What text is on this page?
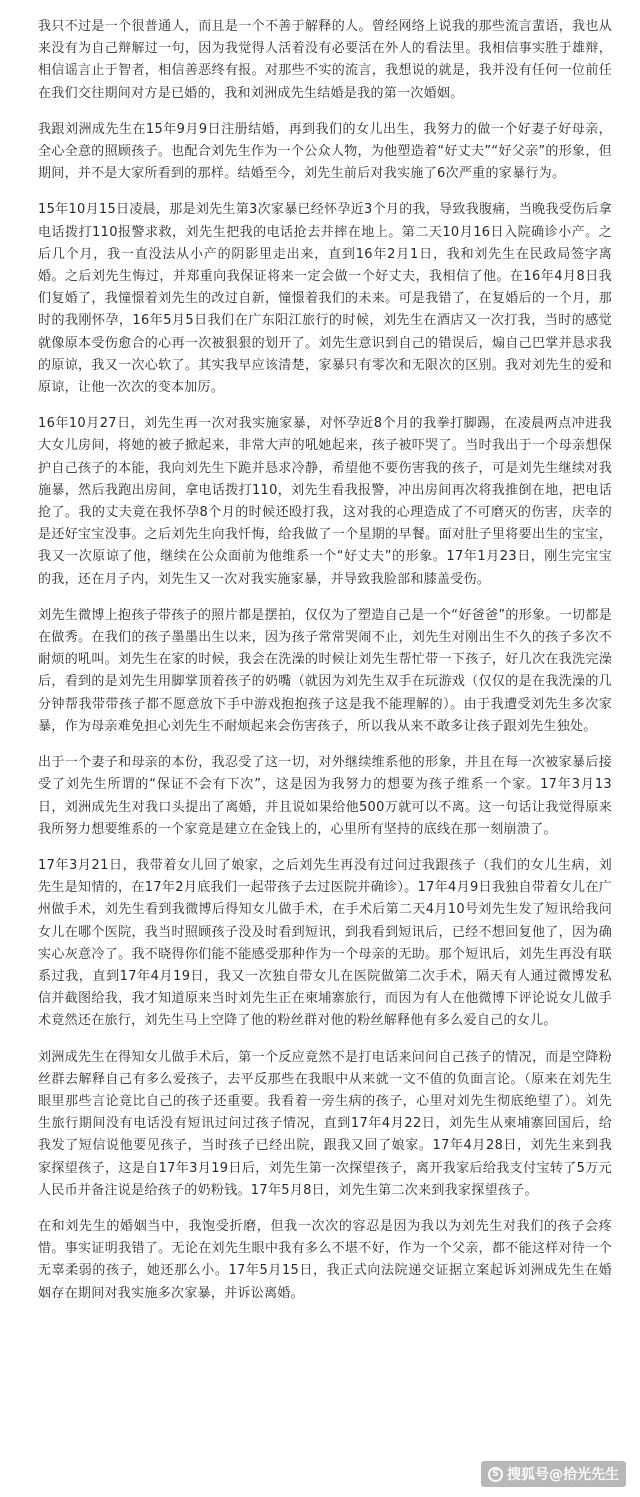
我只不过是一个很普通人，而且是一个不善于解释的人。曾经网络上说我的那些流言蜚语，我也从来没有为自己辩解过一句，因为我觉得人活着没有必要活在外人的看法里。我相信事实胜于雄辩，相信谣言止于智者，相信善恶终有报。对那些不实的流言，我想说的就是，我并没有任何一位前任在我们交往期间对方是已婚的，我和刘洲成先生结婚是我的第一次婚姻。

我跟刘洲成先生在15年9月9日注册结婚，再到我们的女儿出生，我努力的做一个好妻子好母亲，全心全意的照顾孩子。也配合刘先生作为一个公众人物，为他塑造着“好丈夫”“好父亲”的形象，但期间，并不是大家所看到的那样。结婚至今，刘先生前后对我实施了6次严重的家暴行为。

15年10月15日凌晨，那是刘先生第3次家暴已经怀孕近3个月的我，导致我腹痛，当晚我受伤后拿电话拨打110报警求救，刘先生把我的电话抢去并摔在地上。第二天10月16日入院确诊小产。之后几个月，我一直没法从小产的阴影里走出来，直到16年2月1日，我和刘先生在民政局签字离婚。之后刘先生悔过，并郑重向我保证将来一定会做一个好丈夫，我相信了他。在16年4月8日我们复婚了，我憧憬着刘先生的改过自新，憧憬着我们的未来。可是我错了，在复婚后的一个月，那时的我刚怀孕，16年5月5日我们在广东阳江旅行的时候，刘先生在酒店又一次打我，当时的感觉就像原本受伤愈合的心再一次被狠狠的划开了。刘先生意识到自己的错误后，煽自己巴掌并恳求我的原谅，我又一次心软了。其实我早应该清楚，家暴只有零次和无限次的区别。我对刘先生的爱和原谅，让他一次次的变本加厉。

16年10月27日，刘先生再一次对我实施家暴，对怀孕近8个月的我拳打脚踢，在凌晨两点冲进我大女儿房间，将她的被子掀起来，非常大声的吼她起来，孩子被吓哭了。当时我出于一个母亲想保护自己孩子的本能，我向刘先生下跪并恳求冷静，希望他不要伤害我的孩子，可是刘先生继续对我施暴，然后我跑出房间，拿电话拨打110，刘先生看我报警，冲出房间再次将我推倒在地，把电话抢了。我的丈夫竟在我怀孕8个月的时候还殴打我，这对我的心理造成了不可磨灭的伤害，庆幸的是还好宝宝没事。之后刘先生向我忏悔，给我做了一个星期的早餐。面对肚子里将要出生的宝宝，我又一次原谅了他，继续在公众面前为他维系一个“好丈夫”的形象。17年1月23日，刚生完宝宝的我，还在月子内，刘先生又一次对我实施家暴，并导致我脸部和膝盖受伤。

刘先生微博上抱孩子带孩子的照片都是摆拍，仅仅为了塑造自己是一个“好爸爸”的形象。一切都是在做秀。在我们的孩子墨墨出生以来，因为孩子常常哭闹不止，刘先生对刚出生不久的孩子多次不耐烦的吼叫。刘先生在家的时候，我会在洗澡的时候让刘先生帮忙带一下孩子，好几次在我洗完澡后，看到的是刘先生用脚掌顶着孩子的奶嘴（就因为刘先生双手在玩游戏（仅仅的是在我洗澡的几分钟帮我带带孩子都不愿意放下手中游戏抱抱孩子这是我不能理解的）。由于我遭受刘先生多次家暴，作为母亲难免担心刘先生不耐烦起来会伤害孩子，所以我从来不敢多让孩子跟刘先生独处。

出于一个妻子和母亲的本份，我忍受了这一切，对外继续维系他的形象，并且在每一次被家暴后接受了刘先生所谓的“保证不会有下次”，这是因为我努力的想要为孩子维系一个家。17年3月13日，刘洲成先生对我口头提出了离婚，并且说如果给他500万就可以不离。这一句话让我觉得原来我所努力想要维系的一个家竟是建立在金钱上的，心里所有坚持的底线在那一刻崩溃了。

17年3月21日，我带着女儿回了娘家，之后刘先生再没有过问过我跟孩子（我们的女儿生病，刘先生是知情的，在17年2月底我们一起带孩子去过医院并确诊）。17年4月9日我独自带着女儿在广州做手术，刘先生看到我微博后得知女儿做手术，在手术后第二天4月10号刘先生发了短讯给我问女儿在哪个医院，我当时照顾孩子没及时看到短讯，到我看到短讯后，已经不想回复他了，因为确实心灰意冷了。我不晓得你们能不能感受那种作为一个母亲的无助。那个短讯后，刘先生再没有联系过我，直到17年4月19日，我又一次独自带女儿在医院做第二次手术，隔天有人通过微博发私信并截图给我，我才知道原来当时刘先生正在柬埔寨旅行，而因为有人在他微博下评论说女儿做手术竟然还在旅行，刘先生马上空降了他的粉丝群对他的粉丝解释他有多么爱自己的女儿。

刘洲成先生在得知女儿做手术后，第一个反应竟然不是打电话来问问自己孩子的情况，而是空降粉丝群去解释自己有多么爱孩子，去平反那些在我眼中从来就一文不值的负面言论。（原来在刘先生眼里那些言论竟比自己的孩子还重要。我看着一旁生病的孩子，心里对刘先生彻底绝望了）。刘先生旅行期间没有电话没有短讯过问过孩子情况，直到17年4月22日，刘先生从柬埔寨回国后，给我发了短信说他要见孩子，当时孩子已经出院，跟我又回了娘家。17年4月28日，刘先生来到我家探望孩子，这是自17年3月19日后，刘先生第一次探望孩子，离开我家后给我支付宝转了5万元人民币并备注说是给孩子的奶粉钱。17年5月8日，刘先生第二次来到我家探望孩子。

在和刘先生的婚姻当中，我饱受折磨，但我一次次的容忍是因为我以为刘先生对我们的孩子会疼惜。事实证明我错了。无论在刘先生眼中我有多么不堪不好，作为一个父亲，都不能这样对待一个无辜柔弱的孩子，她还那么小。17年5月15日，我正式向法院递交证据立案起诉刘洲成先生在婚姻存在期间对我实施多次家暴，并诉讼离婚。

S 搜狐号@拾光先生
